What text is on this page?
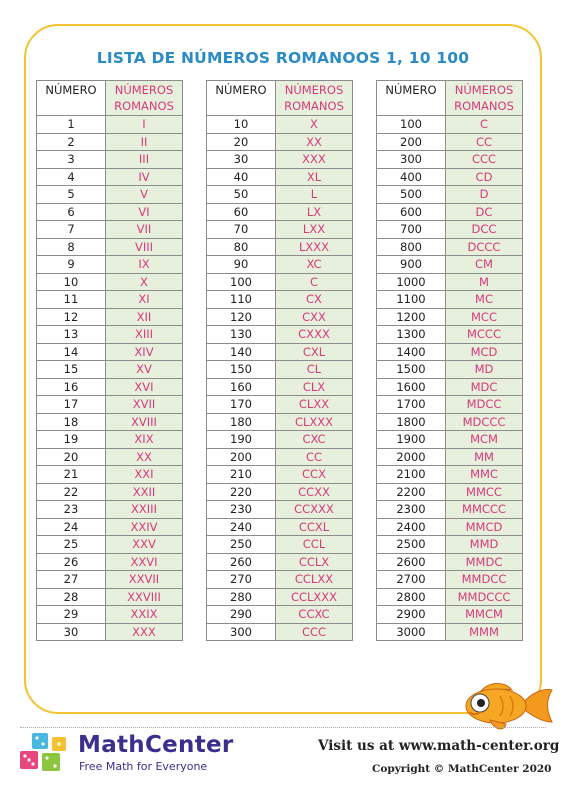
LISTA DE NÚMEROS ROMANOOS 1, 10 100
NÚMERO	NÚMEROS ROMANOS
1	I
2	II
3	III
4	IV
5	V
6	VI
7	VII
8	VIII
9	IX
10	X
11	XI
12	XII
13	XIII
14	XIV
15	XV
16	XVI
17	XVII
18	XVIII
19	XIX
20	XX
21	XXI
22	XXII
23	XXIII
24	XXIV
25	XXV
26	XXVI
27	XXVII
28	XXVIII
29	XXIX
30	XXX
NÚMERO	NÚMEROS ROMANOS
10	X
20	XX
30	XXX
40	XL
50	L
60	LX
70	LXX
80	LXXX
90	XC
100	C
110	CX
120	CXX
130	CXXX
140	CXL
150	CL
160	CLX
170	CLXX
180	CLXXX
190	CXC
200	CC
210	CCX
220	CCXX
230	CCXXX
240	CCXL
250	CCL
260	CCLX
270	CCLXX
280	CCLXXX
290	CCXC
300	CCC
NÚMERO	NÚMEROS ROMANOS
100	C
200	CC
300	CCC
400	CD
500	D
600	DC
700	DCC
800	DCCC
900	CM
1000	M
1100	MC
1200	MCC
1300	MCCC
1400	MCD
1500	MD
1600	MDC
1700	MDCC
1800	MDCCC
1900	MCM
2000	MM
2100	MMC
2200	MMCC
2300	MMCCC
2400	MMCD
2500	MMD
2600	MMDC
2700	MMDCC
2800	MMDCCC
2900	MMCM
3000	MMM
MathCenter
Free Math for Everyone
Visit us at www.math-center.org
Copyright © MathCenter 2020
